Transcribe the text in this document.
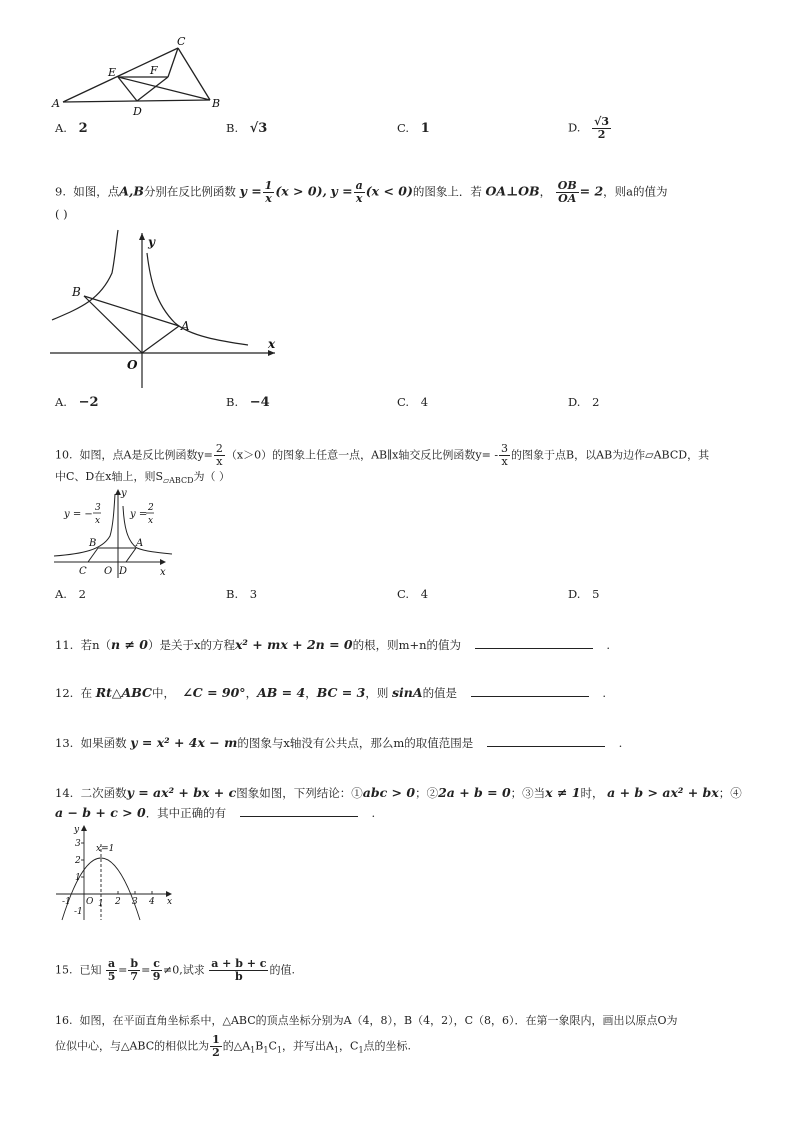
A
C
E	F
D
B
A. 2	B. √3	C. 1	D. $\frac{√3}{2}$
9. 如图，点A,B分别在反比例函数 $y = \frac{1}{x} (x > 0)$, $y = \frac{a}{x} (x < 0)$的图象上．若 OA⊥OB， $\frac{OB}{OA} = 2$，则a的值为
( )
y
x
O
B
A
A. −2	B. −4	C. 4	D. 2
10. 如图，点A是反比例函数$y= \frac{2}{x} (x>0)$的图象上任意一点，AB∥x轴交反比例函数$y= - \frac{3}{x}$ 的图象于点B，以AB为边作▱ABCD，其
中C、D在x轴上，则$S_{▱ABCD}$为（ ）
y
x
O
C	D
B	A
y = −
3
x
y =
2
x
A. 2	B. 3	C. 4	D. 5
11. 若n（n ≠ 0）是关于x的方程x² + mx + 2n = 0的根，则m+n的值为	.
12. 在 Rt△ABC中， ∠C = 90°，AB = 4，BC = 3，则 sinA的值是	.
13. 如果函数 y = x² + 4x − m的图象与x轴没有公共点，那么m的取值范围是	.
14. 二次函数y = ax² + bx + c图象如图，下列结论：①abc > 0；②2a + b = 0；③当x ≠ 1时， a + b > ax² + bx；④
a − b + c > 0．其中正确的有	.
y
x
x=1
O
1
2
3
-1
-1	1 2 3 4
15. 已知 $\frac{a}{5} = \frac{b}{7} = \frac{c}{9} \ne 0$,试求 $\frac{a + b + c}{b}$ 的值.
16. 如图，在平面直角坐标系中，△ABC的顶点坐标分别为A（4，8），B（4，2），C（8，6）．在第一象限内，画出以原点O为
位似中心，与△ABC的相似比为 $\frac{1}{2}$ 的$\triangle A_1B_1C_1$，并写出$A_1$，$C_1$点的坐标.
